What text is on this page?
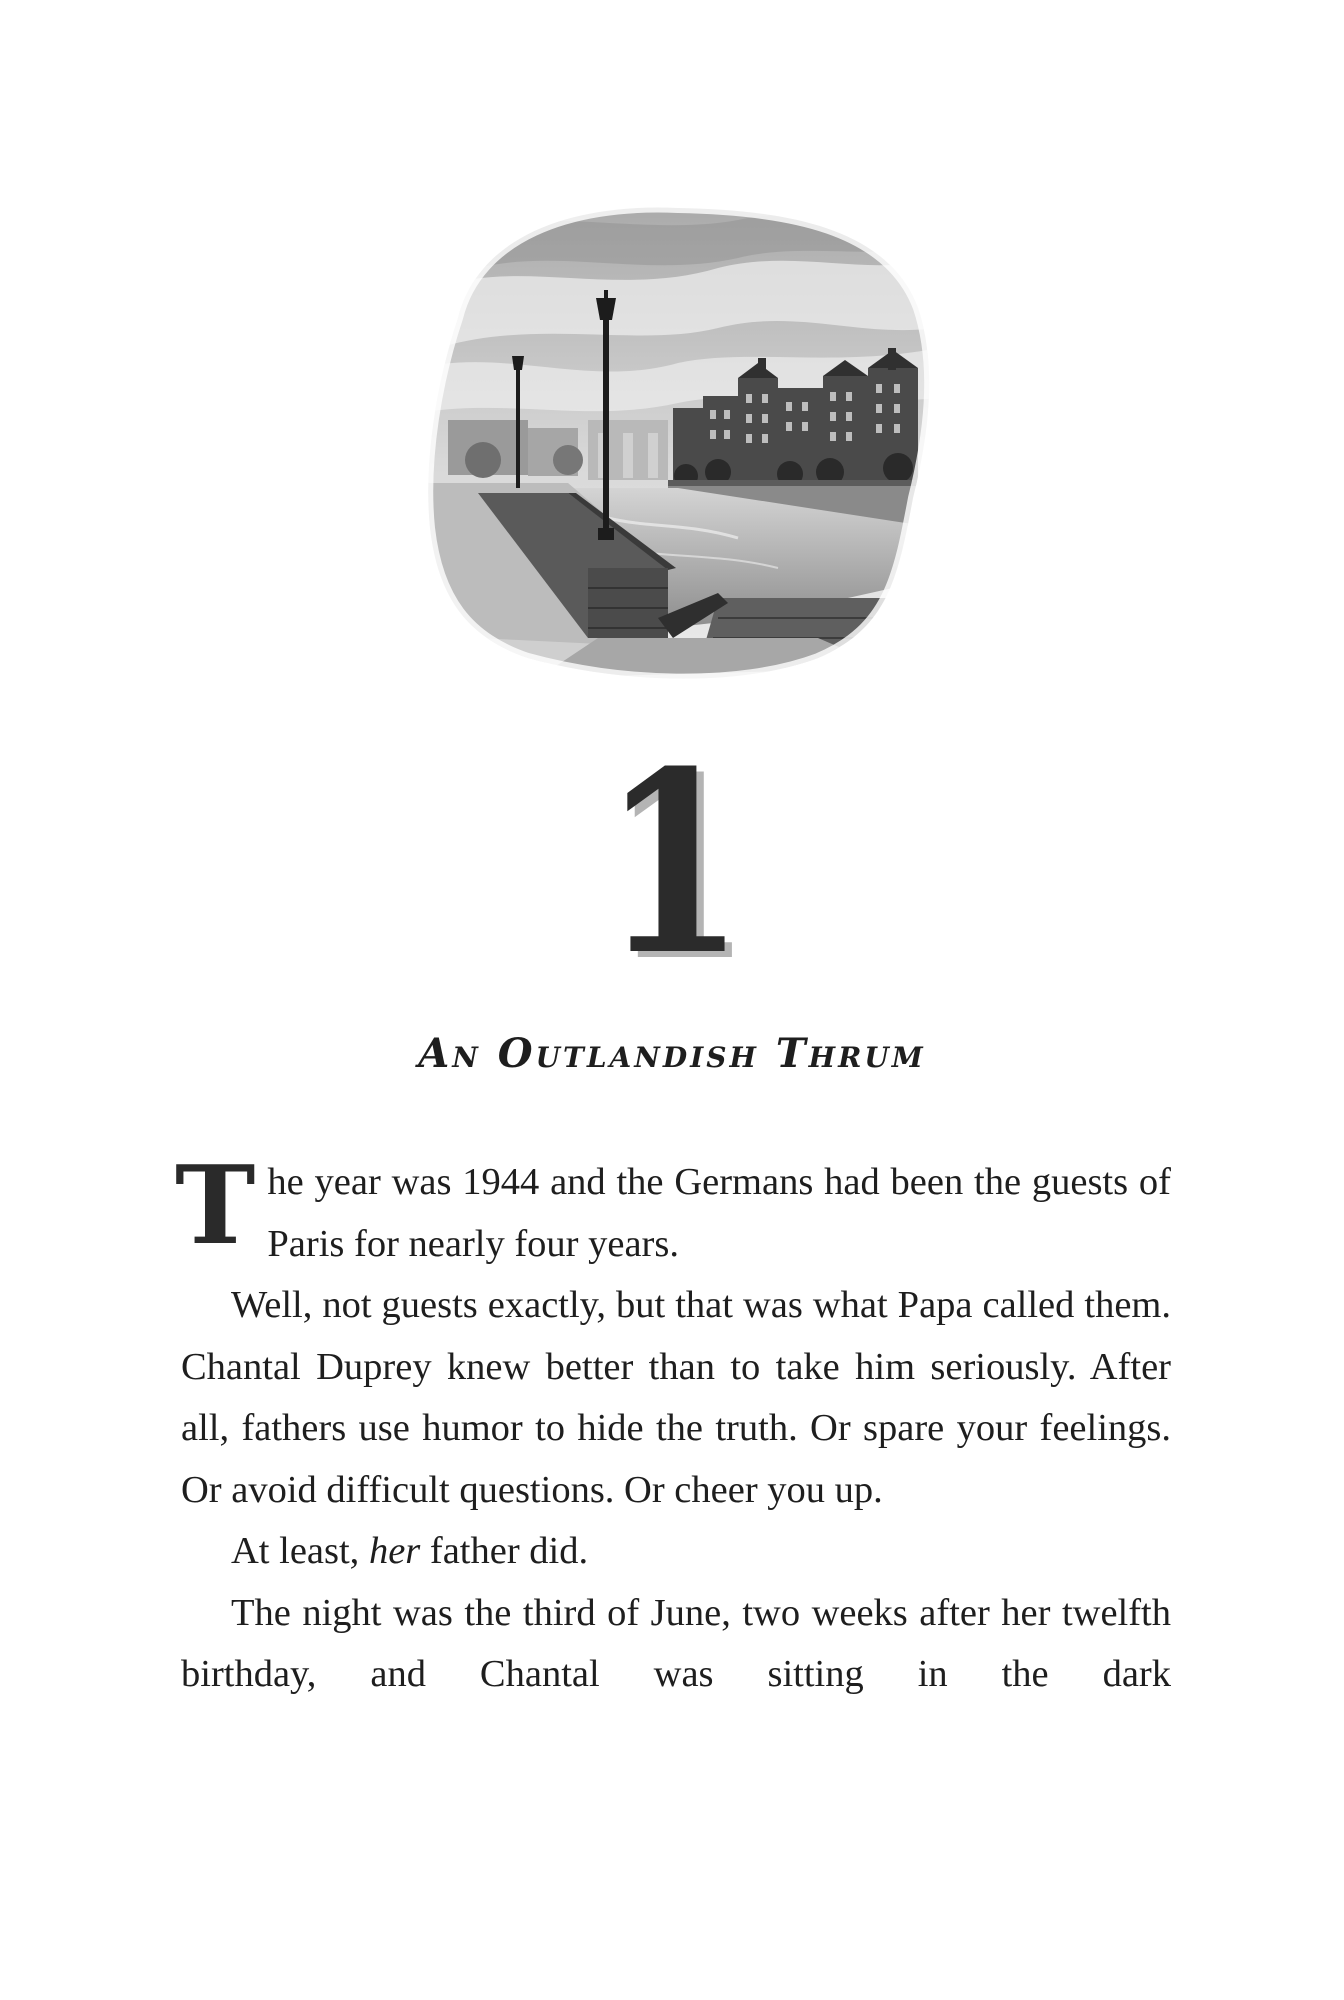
1
An Outlandish Thrum

The year was 1944 and the Germans had been the guests of Paris for nearly four years.

Well, not guests exactly, but that was what Papa called them. Chantal Duprey knew better than to take him seriously. After all, fathers use humor to hide the truth. Or spare your feelings. Or avoid difficult questions. Or cheer you up.

At least, her father did.

The night was the third of June, two weeks after her twelfth birthday, and Chantal was sitting in the dark
